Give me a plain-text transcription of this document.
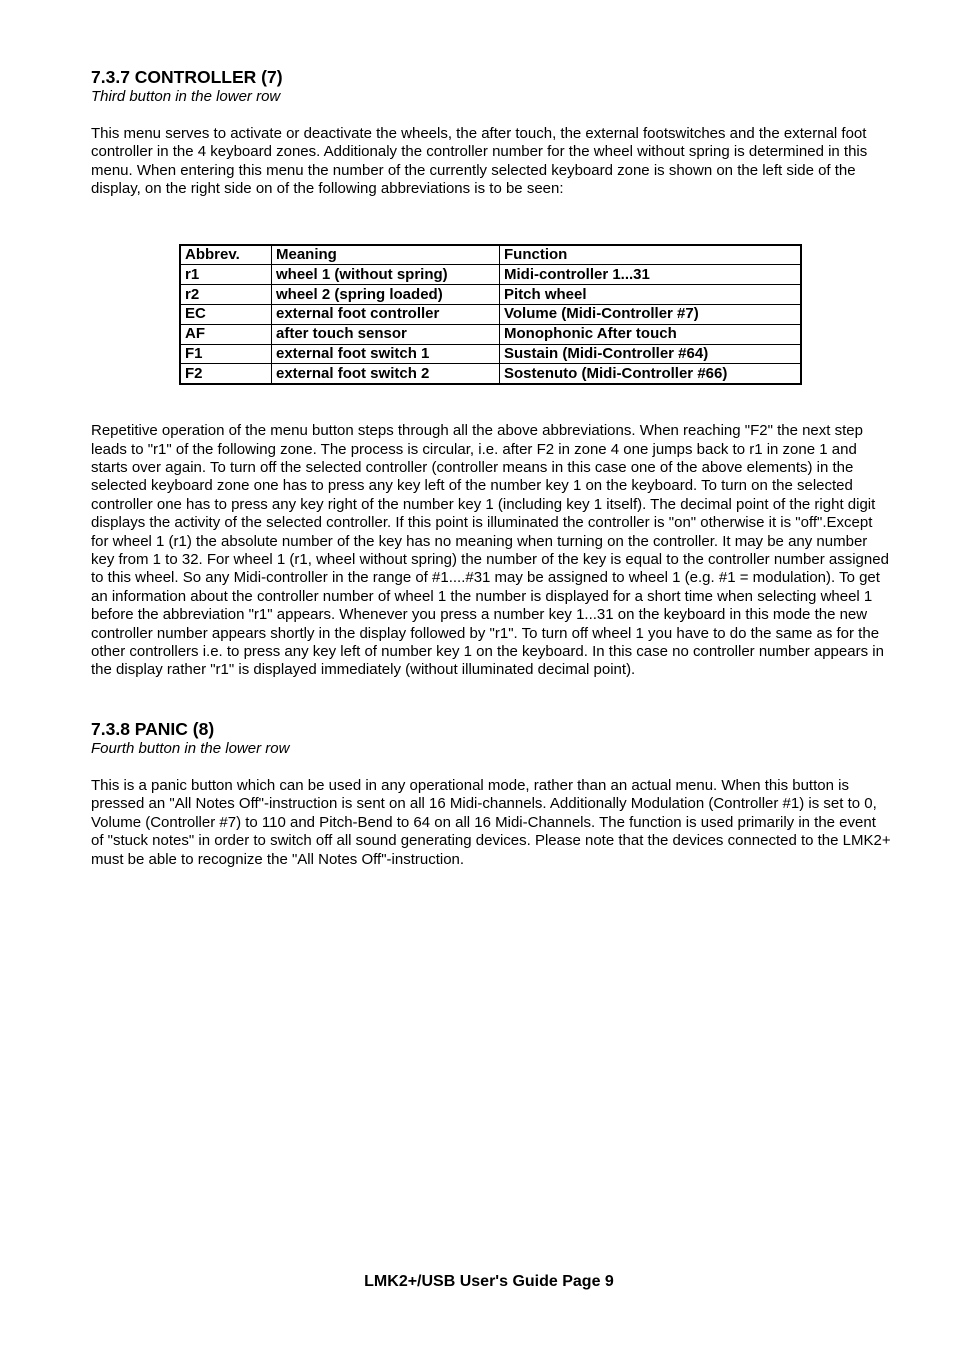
7.3.7 CONTROLLER (7)

Third button in the lower row

This menu serves to activate or deactivate the wheels, the after touch, the external footswitches and the external foot controller in the 4 keyboard zones. Additionaly the controller number for the wheel without spring is determined in this menu. When entering this menu the number of the currently selected keyboard zone is shown on the left side of the display, on the right side on of the following abbreviations is to be seen:

Abbrev.	Meaning	Function
r1	wheel 1 (without spring)	Midi-controller 1...31
r2	wheel 2 (spring loaded)	Pitch wheel
EC	external foot controller	Volume (Midi-Controller #7)
AF	after touch sensor	Monophonic After touch
F1	external foot switch 1	Sustain (Midi-Controller #64)
F2	external foot switch 2	Sostenuto (Midi-Controller #66)

Repetitive operation of the menu button steps through all the above abbreviations. When reaching "F2" the next step leads to "r1" of the following zone. The process is circular, i.e. after F2 in zone 4 one jumps back to r1 in zone 1 and starts over again. To turn off the selected controller (controller means in this case one of the above elements) in the selected keyboard zone one has to press any key left of the number key 1 on the keyboard. To turn on the selected controller one has to press any key right of the number key 1 (including key 1 itself). The decimal point of the right digit displays the activity of the selected controller. If this point is illuminated the controller is "on" otherwise it is "off".Except for wheel 1 (r1) the absolute number of the key has no meaning when turning on the controller. It may be any number key from 1 to 32. For wheel 1 (r1, wheel without spring) the number of the key is equal to the controller number assigned to this wheel. So any Midi-controller in the range of #1....#31 may be assigned to wheel 1 (e.g. #1 = modulation). To get an information about the controller number of wheel 1 the number is displayed for a short time when selecting wheel 1 before the abbreviation "r1" appears. Whenever you press a number key 1...31 on the keyboard in this mode the new controller number appears shortly in the display followed by "r1". To turn off wheel 1 you have to do the same as for the other controllers i.e. to press any key left of number key 1 on the keyboard. In this case no controller number appears in the display rather "r1" is displayed immediately (without illuminated decimal point).

7.3.8 PANIC (8)

Fourth button in the lower row

This is a panic button which can be used in any operational mode, rather than an actual menu. When this button is pressed an "All Notes Off"-instruction is sent on all 16 Midi-channels. Additionally Modulation (Controller #1) is set to 0, Volume (Controller #7) to 110 and Pitch-Bend to 64 on all 16 Midi-Channels. The function is used primarily in the event of "stuck notes" in order to switch off all sound generating devices. Please note that the devices connected to the LMK2+ must be able to recognize the "All Notes Off"-instruction.

LMK2+/USB User's Guide Page 9
